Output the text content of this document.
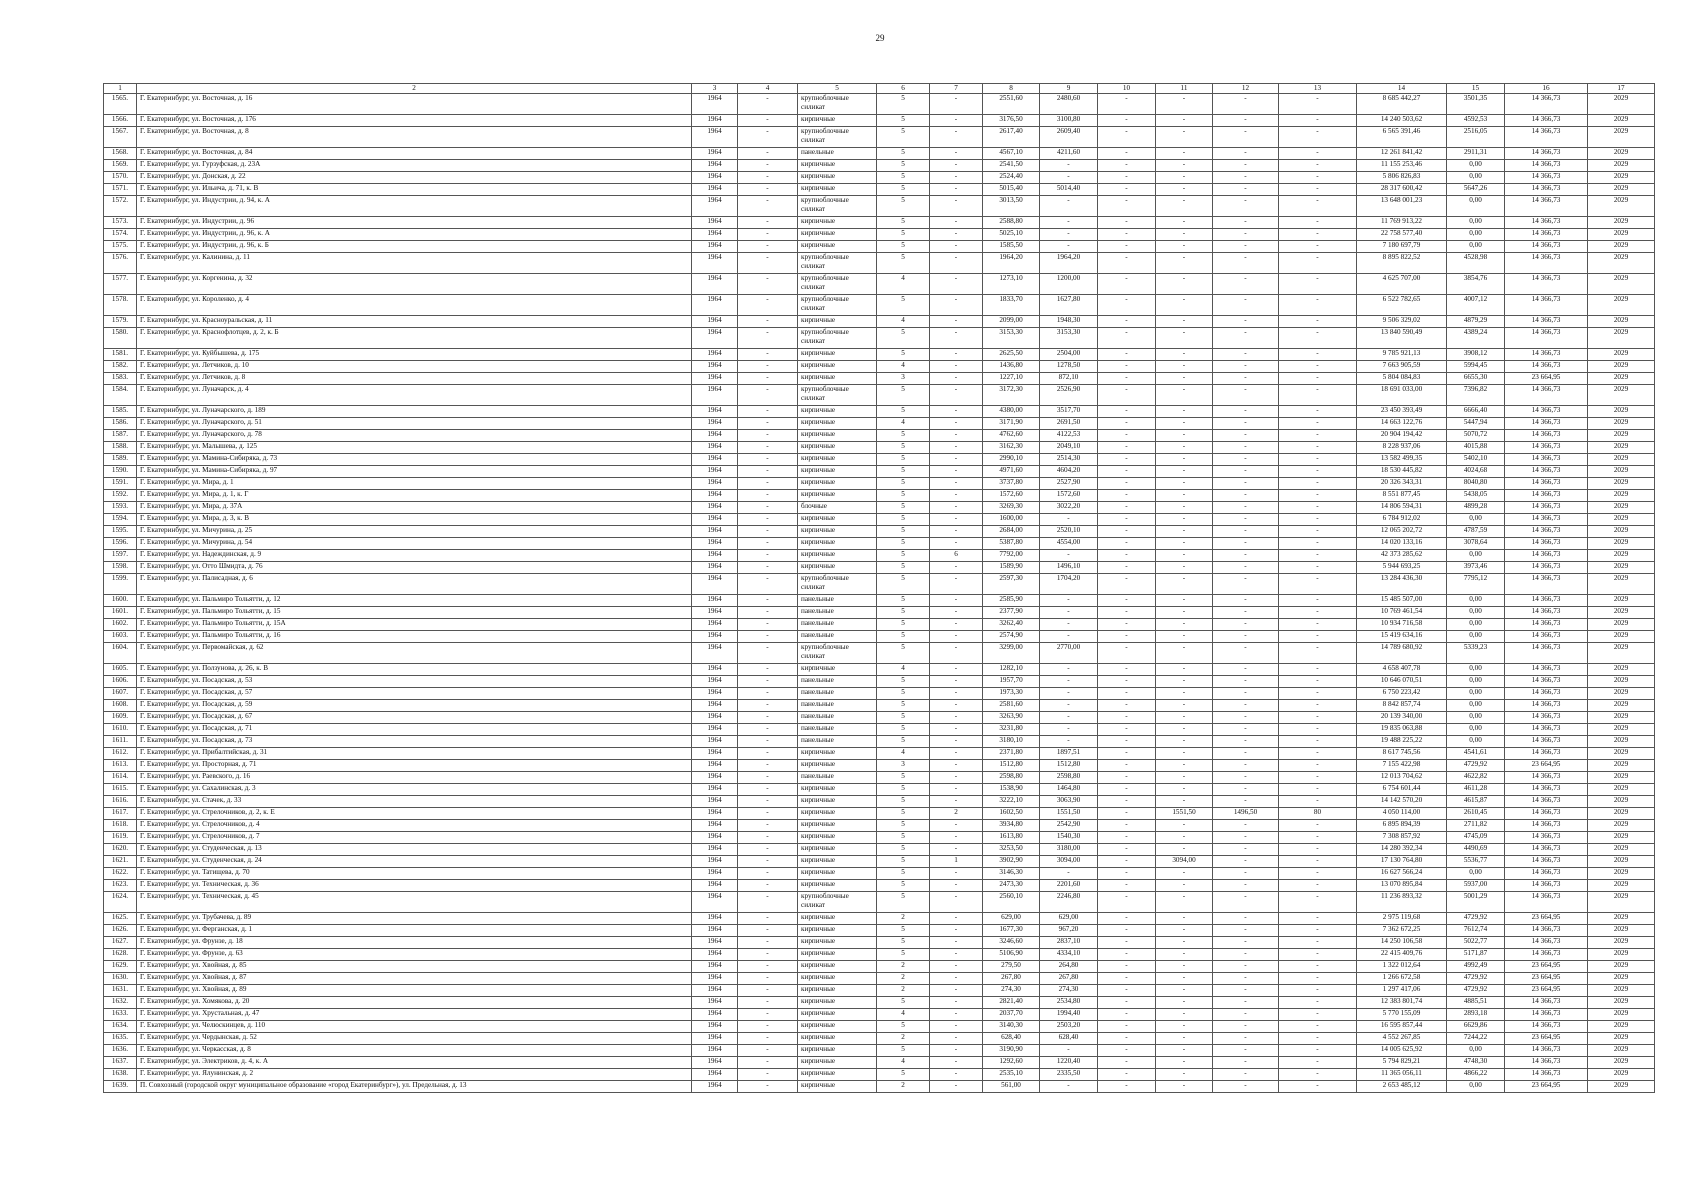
29
1	2	3	4	5	6	7	8	9	10	11	12	13	14	15	16	17
1565.	Г. Екатеринбург, ул. Восточная, д. 16	1964	-	крупноблочные силикат	5	-	2551,60	2480,60	-	-	-	-	8 685 442,27	3501,35	14 366,73	2029
1566.	Г. Екатеринбург, ул. Восточная, д. 176	1964	-	кирпичные	5	-	3176,50	3100,80	-	-	-	-	14 240 503,62	4592,53	14 366,73	2029
1567.	Г. Екатеринбург, ул. Восточная, д. 8	1964	-	крупноблочные силикат	5	-	2617,40	2609,40	-	-	-	-	6 565 391,46	2516,05	14 366,73	2029
1568.	Г. Екатеринбург, ул. Восточная, д. 84	1964	-	панельные	5	-	4567,10	4211,60	-	-	-	-	12 261 841,42	2911,31	14 366,73	2029
1569.	Г. Екатеринбург, ул. Гурзуфская, д. 23А	1964	-	кирпичные	5	-	2541,50	-	-	-	-	-	11 155 253,46	0,00	14 366,73	2029
1570.	Г. Екатеринбург, ул. Донская, д. 22	1964	-	кирпичные	5	-	2524,40	-	-	-	-	-	5 806 826,83	0,00	14 366,73	2029
1571.	Г. Екатеринбург, ул. Ильича, д. 71, к. В	1964	-	кирпичные	5	-	5015,40	5014,40	-	-	-	-	28 317 600,42	5647,26	14 366,73	2029
1572.	Г. Екатеринбург, ул. Индустрии, д. 94, к. А	1964	-	крупноблочные силикат	5	-	3013,50	-	-	-	-	-	13 648 001,23	0,00	14 366,73	2029
1573.	Г. Екатеринбург, ул. Индустрии, д. 96	1964	-	кирпичные	5	-	2588,80	-	-	-	-	-	11 769 913,22	0,00	14 366,73	2029
1574.	Г. Екатеринбург, ул. Индустрии, д. 96, к. А	1964	-	кирпичные	5	-	5025,10	-	-	-	-	-	22 758 577,40	0,00	14 366,73	2029
1575.	Г. Екатеринбург, ул. Индустрии, д. 96, к. Б	1964	-	кирпичные	5	-	1585,50	-	-	-	-	-	7 180 697,79	0,00	14 366,73	2029
1576.	Г. Екатеринбург, ул. Калинина, д. 11	1964	-	крупноблочные силикат	5	-	1964,20	1964,20	-	-	-	-	8 895 822,52	4528,98	14 366,73	2029
1577.	Г. Екатеринбург, ул. Коргенина, д. 32	1964	-	крупноблочные силикат	4	-	1273,10	1200,00	-	-	-	-	4 625 707,00	3854,76	14 366,73	2029
1578.	Г. Екатеринбург, ул. Короленко, д. 4	1964	-	крупноблочные силикат	5	-	1833,70	1627,80	-	-	-	-	6 522 782,65	4007,12	14 366,73	2029
1579.	Г. Екатеринбург, ул. Красноуральская, д. 11	1964	-	кирпичные	4	-	2099,00	1948,30	-	-	-	-	9 506 329,02	4879,29	14 366,73	2029
1580.	Г. Екатеринбург, ул. Краснофлотцев, д. 2, к. Б	1964	-	крупноблочные силикат	5	-	3153,30	3153,30	-	-	-	-	13 840 590,49	4389,24	14 366,73	2029
1581.	Г. Екатеринбург, ул. Куйбышева, д. 175	1964	-	кирпичные	5	-	2625,50	2504,00	-	-	-	-	9 785 921,13	3908,12	14 366,73	2029
1582.	Г. Екатеринбург, ул. Летчиков, д. 10	1964	-	кирпичные	4	-	1436,80	1278,50	-	-	-	-	7 663 905,59	5994,45	14 366,73	2029
1583.	Г. Екатеринбург, ул. Летчиков, д. 8	1964	-	кирпичные	3	-	1227,10	872,10	-	-	-	-	5 804 084,83	6655,30	23 664,95	2029
1584.	Г. Екатеринбург, ул. Луначарск, д. 4	1964	-	крупноблочные силикат	5	-	3172,30	2526,90	-	-	-	-	18 691 033,00	7396,82	14 366,73	2029
1585.	Г. Екатеринбург, ул. Луначарского, д. 189	1964	-	кирпичные	5	-	4380,00	3517,70	-	-	-	-	23 450 393,49	6666,40	14 366,73	2029
1586.	Г. Екатеринбург, ул. Луначарского, д. 51	1964	-	кирпичные	4	-	3171,90	2691,50	-	-	-	-	14 663 122,76	5447,94	14 366,73	2029
1587.	Г. Екатеринбург, ул. Луначарского, д. 78	1964	-	кирпичные	5	-	4762,60	4122,53	-	-	-	-	20 904 194,42	5070,72	14 366,73	2029
1588.	Г. Екатеринбург, ул. Малышева, д. 125	1964	-	кирпичные	5	-	3162,30	2049,10	-	-	-	-	8 228 937,06	4015,88	14 366,73	2029
1589.	Г. Екатеринбург, ул. Мамина-Сибиряка, д. 73	1964	-	кирпичные	5	-	2990,10	2514,30	-	-	-	-	13 582 499,35	5402,10	14 366,73	2029
1590.	Г. Екатеринбург, ул. Мамина-Сибиряка, д. 97	1964	-	кирпичные	5	-	4971,60	4604,20	-	-	-	-	18 530 445,82	4024,68	14 366,73	2029
1591.	Г. Екатеринбург, ул. Мира, д. 1	1964	-	кирпичные	5	-	3737,80	2527,90	-	-	-	-	20 326 343,31	8040,80	14 366,73	2029
1592.	Г. Екатеринбург, ул. Мира, д. 1, к. Г	1964	-	кирпичные	5	-	1572,60	1572,60	-	-	-	-	8 551 877,45	5438,05	14 366,73	2029
1593.	Г. Екатеринбург, ул. Мира, д. 37А	1964	-	блочные	5	-	3269,30	3022,20	-	-	-	-	14 806 594,31	4899,28	14 366,73	2029
1594.	Г. Екатеринбург, ул. Мира, д. 3, к. В	1964	-	кирпичные	5	-	1600,00	-	-	-	-	-	6 784 912,02	0,00	14 366,73	2029
1595.	Г. Екатеринбург, ул. Мичурина, д. 25	1964	-	кирпичные	5	-	2684,00	2520,10	-	-	-	-	12 065 202,72	4787,59	14 366,73	2029
1596.	Г. Екатеринбург, ул. Мичурина, д. 54	1964	-	кирпичные	5	-	5387,80	4554,00	-	-	-	-	14 020 133,16	3078,64	14 366,73	2029
1597.	Г. Екатеринбург, ул. Надеждинская, д. 9	1964	-	кирпичные	5	6	7792,00	-	-	-	-	-	42 373 285,62	0,00	14 366,73	2029
1598.	Г. Екатеринбург, ул. Отто Шмидта, д. 76	1964	-	кирпичные	5	-	1589,90	1496,10	-	-	-	-	5 944 693,25	3973,46	14 366,73	2029
1599.	Г. Екатеринбург, ул. Палисадная, д. 6	1964	-	крупноблочные силикат	5	-	2597,30	1704,20	-	-	-	-	13 284 436,30	7795,12	14 366,73	2029
1600.	Г. Екатеринбург, ул. Пальмиро Тольятти, д. 12	1964	-	панельные	5	-	2585,90	-	-	-	-	-	15 485 507,00	0,00	14 366,73	2029
1601.	Г. Екатеринбург, ул. Пальмиро Тольятти, д. 15	1964	-	панельные	5	-	2377,90	-	-	-	-	-	10 769 461,54	0,00	14 366,73	2029
1602.	Г. Екатеринбург, ул. Пальмиро Тольятти, д. 15А	1964	-	панельные	5	-	3262,40	-	-	-	-	-	10 934 716,58	0,00	14 366,73	2029
1603.	Г. Екатеринбург, ул. Пальмиро Тольятти, д. 16	1964	-	панельные	5	-	2574,90	-	-	-	-	-	15 419 634,16	0,00	14 366,73	2029
1604.	Г. Екатеринбург, ул. Первомайская, д. 62	1964	-	крупноблочные силикат	5	-	3299,00	2770,00	-	-	-	-	14 789 680,92	5339,23	14 366,73	2029
1605.	Г. Екатеринбург, ул. Ползунова, д. 26, к. В	1964	-	кирпичные	4	-	1282,10	-	-	-	-	-	4 658 407,78	0,00	14 366,73	2029
1606.	Г. Екатеринбург, ул. Посадская, д. 53	1964	-	панельные	5	-	1957,70	-	-	-	-	-	10 646 070,51	0,00	14 366,73	2029
1607.	Г. Екатеринбург, ул. Посадская, д. 57	1964	-	панельные	5	-	1973,30	-	-	-	-	-	6 750 223,42	0,00	14 366,73	2029
1608.	Г. Екатеринбург, ул. Посадская, д. 59	1964	-	панельные	5	-	2581,60	-	-	-	-	-	8 842 857,74	0,00	14 366,73	2029
1609.	Г. Екатеринбург, ул. Посадская, д. 67	1964	-	панельные	5	-	3263,90	-	-	-	-	-	20 139 340,00	0,00	14 366,73	2029
1610.	Г. Екатеринбург, ул. Посадская, д. 71	1964	-	панельные	5	-	3231,80	-	-	-	-	-	19 835 063,88	0,00	14 366,73	2029
1611.	Г. Екатеринбург, ул. Посадская, д. 73	1964	-	панельные	5	-	3180,10	-	-	-	-	-	19 488 225,22	0,00	14 366,73	2029
1612.	Г. Екатеринбург, ул. Прибалтийская, д. 31	1964	-	кирпичные	4	-	2371,80	1897,51	-	-	-	-	8 617 745,56	4541,61	14 366,73	2029
1613.	Г. Екатеринбург, ул. Просторная, д. 71	1964	-	кирпичные	3	-	1512,80	1512,80	-	-	-	-	7 155 422,98	4729,92	23 664,95	2029
1614.	Г. Екатеринбург, ул. Раевского, д. 16	1964	-	панельные	5	-	2598,80	2598,80	-	-	-	-	12 013 704,62	4622,82	14 366,73	2029
1615.	Г. Екатеринбург, ул. Сахалинская, д. 3	1964	-	кирпичные	5	-	1538,90	1464,80	-	-	-	-	6 754 601,44	4611,28	14 366,73	2029
1616.	Г. Екатеринбург, ул. Стачек, д. 33	1964	-	кирпичные	5	-	3222,10	3063,90	-	-	-	-	14 142 570,20	4615,87	14 366,73	2029
1617.	Г. Екатеринбург, ул. Стрелочников, д. 2, к. Е	1964	-	кирпичные	5	2	1602,50	1551,50	-	1551,50	1496,50	80	4 050 114,00	2610,45	14 366,73	2029
1618.	Г. Екатеринбург, ул. Стрелочников, д. 4	1964	-	кирпичные	5	-	3934,80	2542,90	-	-	-	-	6 895 894,39	2711,82	14 366,73	2029
1619.	Г. Екатеринбург, ул. Стрелочников, д. 7	1964	-	кирпичные	5	-	1613,80	1540,30	-	-	-	-	7 308 857,92	4745,09	14 366,73	2029
1620.	Г. Екатеринбург, ул. Студенческая, д. 13	1964	-	кирпичные	5	-	3253,50	3180,00	-	-	-	-	14 280 392,34	4490,69	14 366,73	2029
1621.	Г. Екатеринбург, ул. Студенческая, д. 24	1964	-	кирпичные	5	1	3902,90	3094,00	-	3094,00	-	-	17 130 764,80	5536,77	14 366,73	2029
1622.	Г. Екатеринбург, ул. Татищева, д. 70	1964	-	кирпичные	5	-	3146,30	-	-	-	-	-	16 627 566,24	0,00	14 366,73	2029
1623.	Г. Екатеринбург, ул. Техническая, д. 36	1964	-	кирпичные	5	-	2473,30	2201,60	-	-	-	-	13 070 895,84	5937,00	14 366,73	2029
1624.	Г. Екатеринбург, ул. Техническая, д. 45	1964	-	крупноблочные силикат	5	-	2560,10	2246,80	-	-	-	-	11 236 893,32	5001,29	14 366,73	2029
1625.	Г. Екатеринбург, ул. Трубачева, д. 89	1964	-	кирпичные	2	-	629,00	629,00	-	-	-	-	2 975 119,68	4729,92	23 664,95	2029
1626.	Г. Екатеринбург, ул. Ферганская, д. 1	1964	-	кирпичные	5	-	1677,30	967,20	-	-	-	-	7 362 672,25	7612,74	14 366,73	2029
1627.	Г. Екатеринбург, ул. Фрунзе, д. 18	1964	-	кирпичные	5	-	3246,60	2837,10	-	-	-	-	14 250 106,58	5022,77	14 366,73	2029
1628.	Г. Екатеринбург, ул. Фрунзе, д. 63	1964	-	кирпичные	5	-	5106,90	4334,10	-	-	-	-	22 415 409,76	5171,87	14 366,73	2029
1629.	Г. Екатеринбург, ул. Хвойная, д. 85	1964	-	кирпичные	2	-	279,50	264,80	-	-	-	-	1 322 012,64	4992,49	23 664,95	2029
1630.	Г. Екатеринбург, ул. Хвойная, д. 87	1964	-	кирпичные	2	-	267,80	267,80	-	-	-	-	1 266 672,58	4729,92	23 664,95	2029
1631.	Г. Екатеринбург, ул. Хвойная, д. 89	1964	-	кирпичные	2	-	274,30	274,30	-	-	-	-	1 297 417,06	4729,92	23 664,95	2029
1632.	Г. Екатеринбург, ул. Хомякова, д. 20	1964	-	кирпичные	5	-	2821,40	2534,80	-	-	-	-	12 383 801,74	4885,51	14 366,73	2029
1633.	Г. Екатеринбург, ул. Хрустальная, д. 47	1964	-	кирпичные	4	-	2037,70	1994,40	-	-	-	-	5 770 155,09	2893,18	14 366,73	2029
1634.	Г. Екатеринбург, ул. Челюскинцев, д. 110	1964	-	кирпичные	5	-	3140,30	2503,20	-	-	-	-	16 595 857,44	6629,86	14 366,73	2029
1635.	Г. Екатеринбург, ул. Чердынская, д. 52	1964	-	кирпичные	2	-	628,40	628,40	-	-	-	-	4 552 267,85	7244,22	23 664,95	2029
1636.	Г. Екатеринбург, ул. Черкасская, д. 8	1964	-	кирпичные	5	-	3190,90	-	-	-	-	-	14 005 625,92	0,00	14 366,73	2029
1637.	Г. Екатеринбург, ул. Электриков, д. 4, к. А	1964	-	кирпичные	4	-	1292,60	1220,40	-	-	-	-	5 794 829,21	4748,30	14 366,73	2029
1638.	Г. Екатеринбург, ул. Ялунинская, д. 2	1964	-	кирпичные	5	-	2535,10	2335,50	-	-	-	-	11 365 056,11	4866,22	14 366,73	2029
1639.	П. Совхозный (городской округ муниципальное образование «город Екатеринбург»), ул. Предельная, д. 13	1964	-	кирпичные	2	-	561,00	-	-	-	-	-	2 653 485,12	0,00	23 664,95	2029
